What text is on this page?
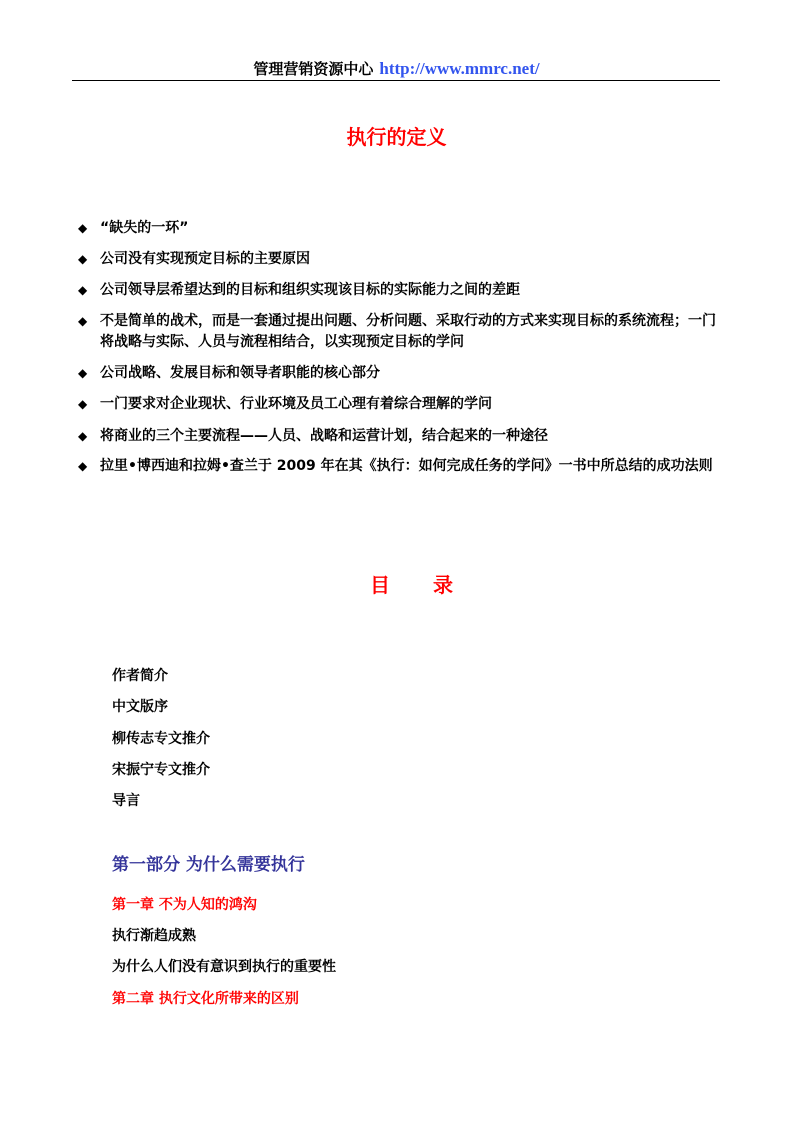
管理营销资源中心 http://www.mmrc.net/
执行的定义
◆ “缺失的一环”
◆ 公司没有实现预定目标的主要原因
◆ 公司领导层希望达到的目标和组织实现该目标的实际能力之间的差距
◆ 不是简单的战术，而是一套通过提出问题、分析问题、采取行动的方式来实现目标的系统流程；一门将战略与实际、人员与流程相结合，以实现预定目标的学问
◆ 公司战略、发展目标和领导者职能的核心部分
◆ 一门要求对企业现状、行业环境及员工心理有着综合理解的学问
◆ 将商业的三个主要流程——人员、战略和运营计划，结合起来的一种途径
◆ 拉里•博西迪和拉姆•查兰于 2009 年在其《执行：如何完成任务的学问》一书中所总结的成功法则
目 录
作者简介
中文版序
柳传志专文推介
宋振宁专文推介
导言
第一部分 为什么需要执行
第一章 不为人知的鸿沟
执行渐趋成熟
为什么人们没有意识到执行的重要性
第二章 执行文化所带来的区别
